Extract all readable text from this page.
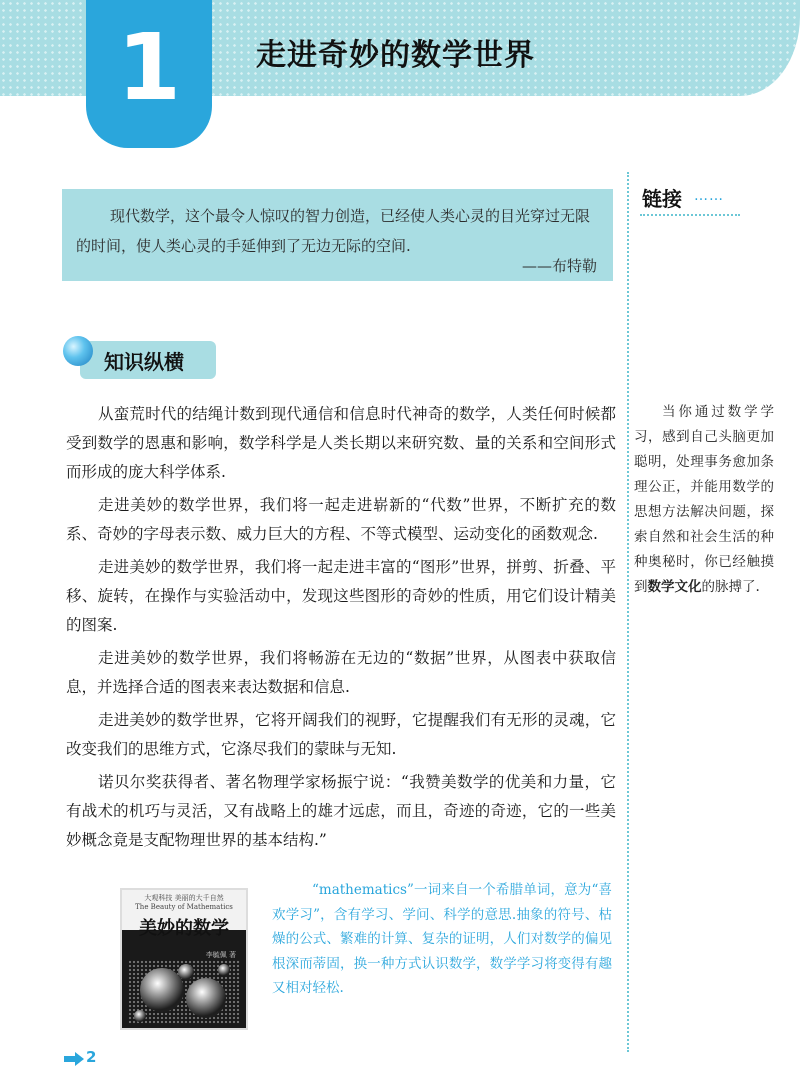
1	走进奇妙的数学世界
现代数学，这个最令人惊叹的智力创造，已经使人类心灵的目光穿过无限的时间，使人类心灵的手延伸到了无边无际的空间.
——布特勒
链接 ……
当你通过数学学习，感到自己头脑更加聪明，处理事务愈加条理公正，并能用数学的思想方法解决问题，探索自然和社会生活的种种奥秘时，你已经触摸到数学文化的脉搏了.
知识纵横

从蛮荒时代的结绳计数到现代通信和信息时代神奇的数学，人类任何时候都受到数学的恩惠和影响，数学科学是人类长期以来研究数、量的关系和空间形式而形成的庞大科学体系.

走进美妙的数学世界，我们将一起走进崭新的“代数”世界，不断扩充的数系、奇妙的字母表示数、威力巨大的方程、不等式模型、运动变化的函数观念.

走进美妙的数学世界，我们将一起走进丰富的“图形”世界，拼剪、折叠、平移、旋转，在操作与实验活动中，发现这些图形的奇妙的性质，用它们设计精美的图案.

走进美妙的数学世界，我们将畅游在无边的“数据”世界，从图表中获取信息，并选择合适的图表来表达数据和信息.

走进美妙的数学世界，它将开阔我们的视野，它提醒我们有无形的灵魂，它改变我们的思维方式，它涤尽我们的蒙昧与无知.

诺贝尔奖获得者、著名物理学家杨振宁说：“我赞美数学的优美和力量，它有战术的机巧与灵活，又有战略上的雄才远虑，而且，奇迹的奇迹，它的一些美妙概念竟是支配物理世界的基本结构.”

大观科技 美丽的大千自然
The Beauty of Mathematics
美妙的数学
李毓佩 著

“mathematics”一词来自一个希腊单词，意为“喜欢学习”，含有学习、学问、科学的意思.抽象的符号、枯燥的公式、繁难的计算、复杂的证明，人们对数学的偏见根深而蒂固，换一种方式认识数学，数学学习将变得有趣又相对轻松.

2
